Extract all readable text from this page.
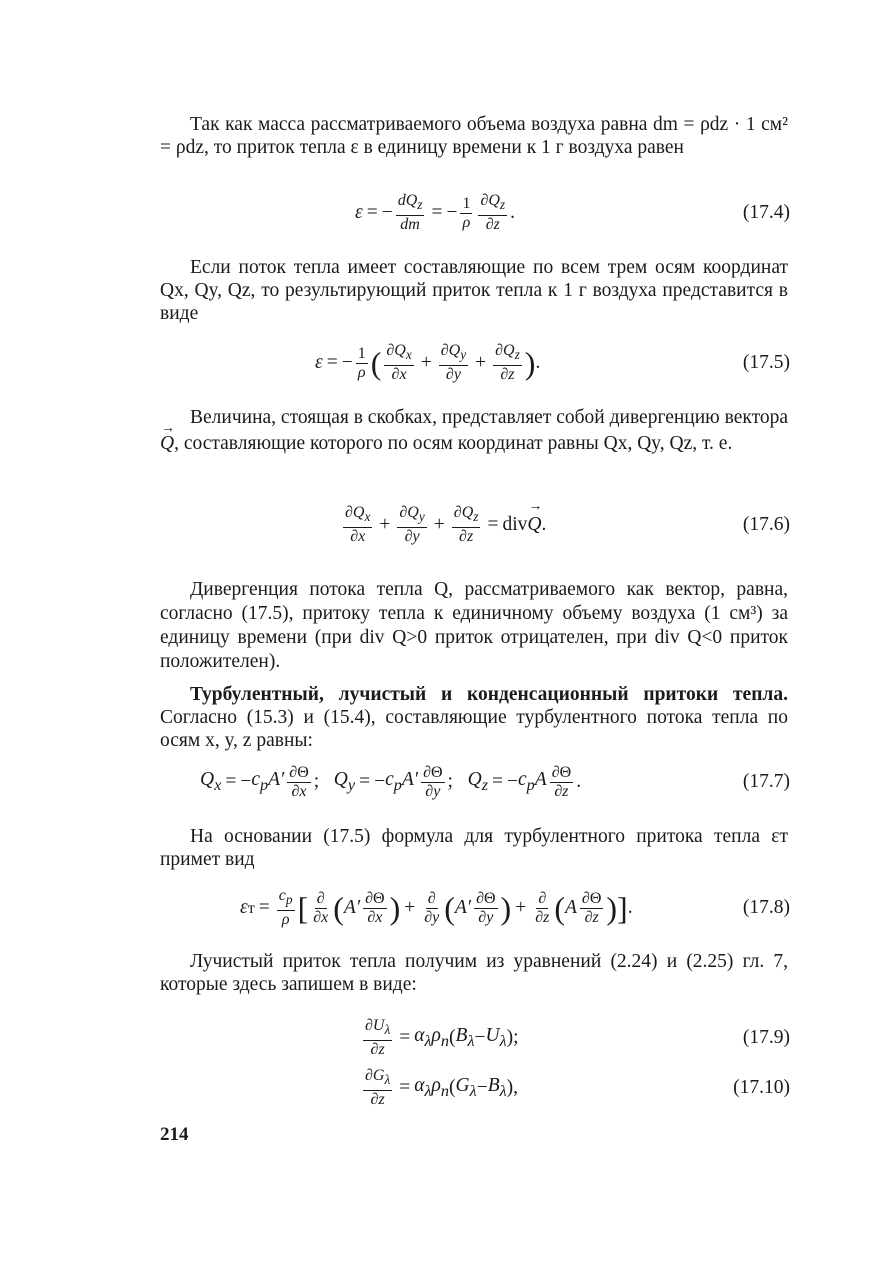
Так как масса рассматриваемого объема воздуха равна dm = ρdz · 1 см² = ρdz, то приток тепла ε в единицу времени к 1 г воздуха равен
ε = − $\frac{dQ_z}{dm}$ = − $\frac{1}{\rho} \frac{\partial Q_z}{\partial z}$ .	(17.4)
Если поток тепла имеет составляющие по всем трем осям координат Qx, Qy, Qz, то результирующий приток тепла к 1 г воздуха представится в виде
ε = − $\frac{1}{\rho}$ ( $\frac{\partial Q_x}{\partial x} + \frac{\partial Q_y}{\partial y} + \frac{\partial Q_z}{\partial z}$ ) .	(17.5)
Величина, стоящая в скобках, представляет собой дивергенцию вектора → Q, составляющие которого по осям координат равны Qx, Qy, Qz, т. е.
$\frac{\partial Q_x}{\partial x} + \frac{\partial Q_y}{\partial y} + \frac{\partial Q_z}{\partial z}$ = div
→ Q .	(17.6)
Дивергенция потока тепла Q, рассматриваемого как вектор, равна, согласно (17.5), притоку тепла к единичному объему воздуха (1 см³) за единицу времени (при div Q>0 приток отрицателен, при div Q<0 приток положителен).
Турбулентный, лучистый и конденсационный притоки тепла. Согласно (15.3) и (15.4), составляющие турбулентного потока тепла по осям x, y, z равны:
$Q_x$ = − $c_pA' \frac{\partial\Theta}{\partial x}$ ; $Q_y$ = − $c_pA' \frac{\partial\Theta}{\partial y}$ ; $Q_z$ = − $c_pA \frac{\partial\Theta}{\partial z}$ .	(17.7)
На основании (17.5) формула для турбулентного притока тепла εт примет вид
ε $т = \frac{c_p}{\rho}$ [ $\frac{\partial}{\partial x}$ ( $A' \frac{\partial\Theta}{\partial x}$ ) + $\frac{\partial}{\partial y}$ ( $A' \frac{\partial\Theta}{\partial y}$ ) + $\frac{\partial}{\partial z}$ ( A $\frac{\partial\Theta}{\partial z}$ )] .	(17.8)
Лучистый приток тепла получим из уравнений (2.24) и (2.25) гл. 7, которые здесь запишем в виде:
$\frac{\partial U_\lambda}{\partial z} = \alpha_\lambda\rho_п$ ( $B_\lambda - U_\lambda$ );	(17.9)
$\frac{\partial G_\lambda}{\partial z} = \alpha_\lambda\rho_п$ ( $G_\lambda - B_\lambda$ ),	(17.10)
214
